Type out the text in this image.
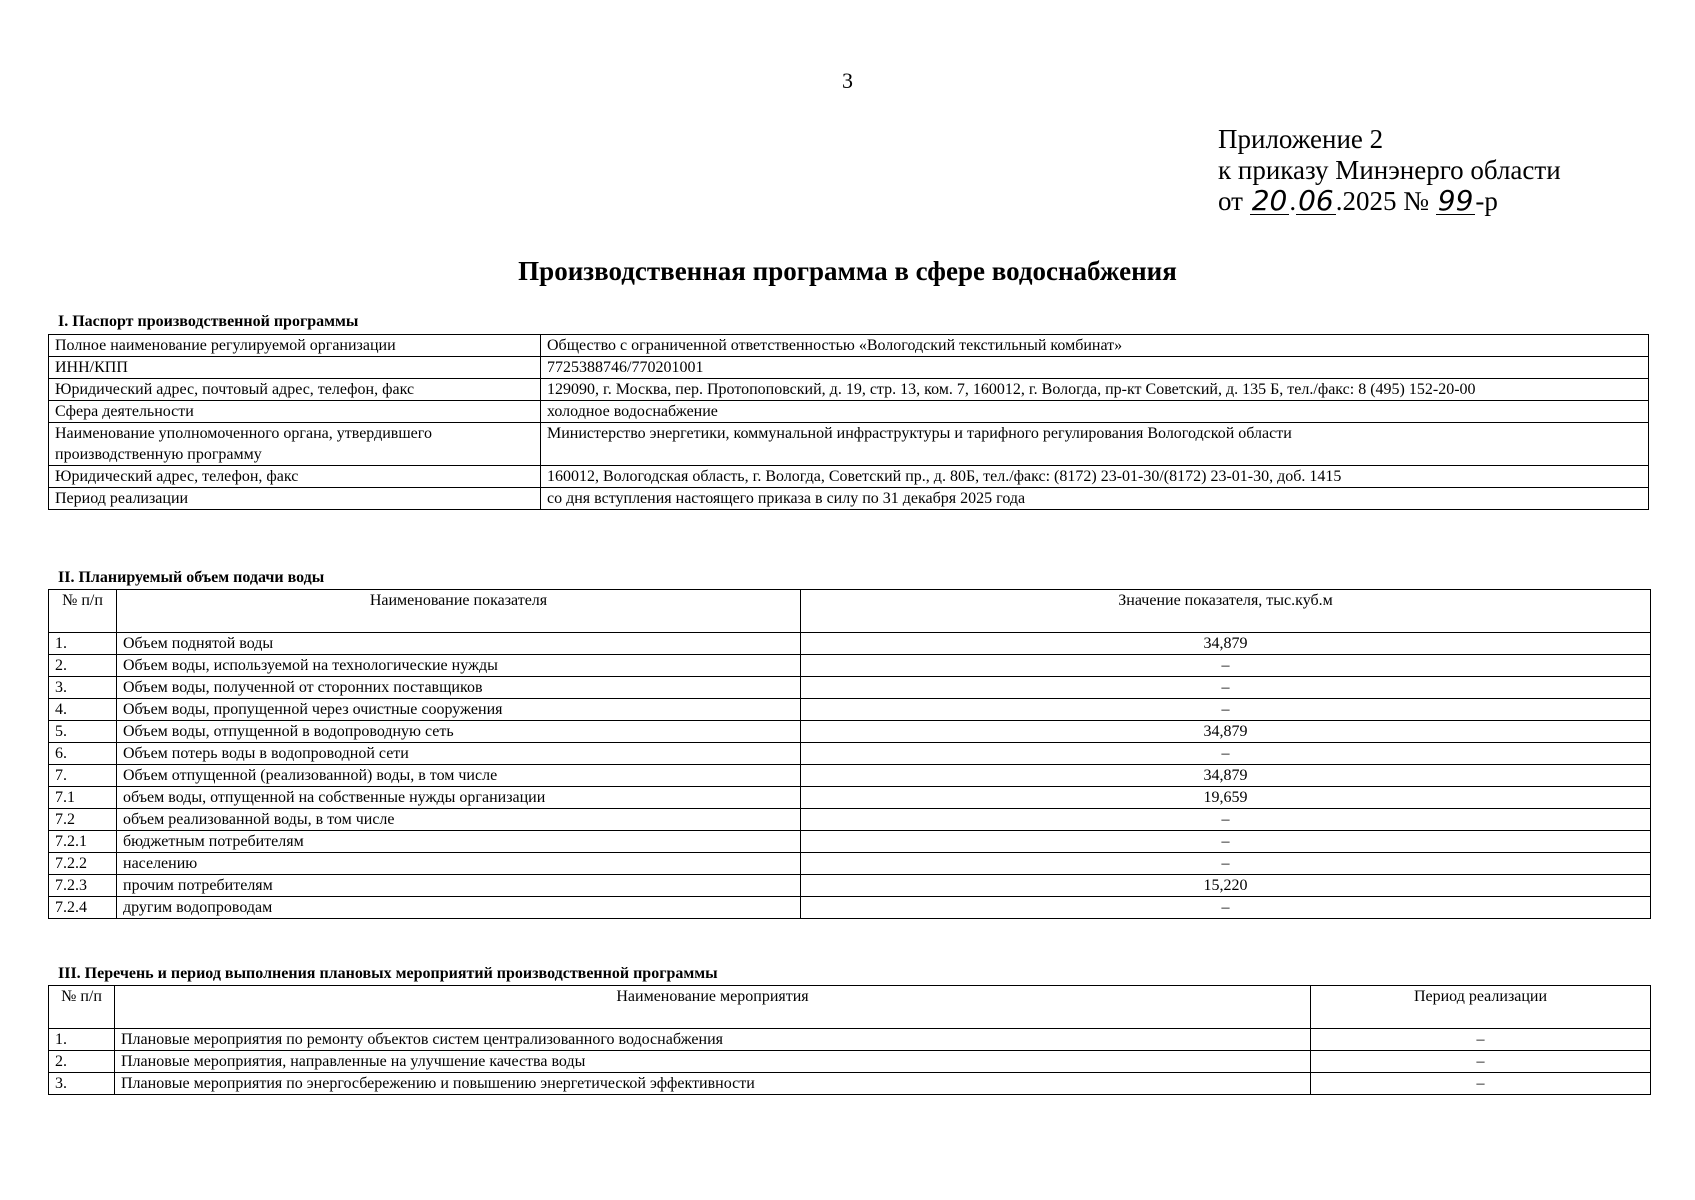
3
Приложение 2
к приказу Минэнерго области
от 20.06.2025 № 99-р
Производственная программа в сфере водоснабжения
I. Паспорт производственной программы
Полное наименование регулируемой организации	Общество с ограниченной ответственностью «Вологодский текстильный комбинат»
ИНН/КПП	7725388746/770201001
Юридический адрес, почтовый адрес, телефон, факс	129090, г. Москва, пер. Протопоповский, д. 19, стр. 13, ком. 7, 160012, г. Вологда, пр-кт Советский, д. 135 Б, тел./факс: 8 (495) 152-20-00
Сфера деятельности	холодное водоснабжение
Наименование уполномоченного органа, утвердившего производственную программу	Министерство энергетики, коммунальной инфраструктуры и тарифного регулирования Вологодской области
Юридический адрес, телефон, факс	160012, Вологодская область, г. Вологда, Советский пр., д. 80Б, тел./факс: (8172) 23-01-30/(8172) 23-01-30, доб. 1415
Период реализации	со дня вступления настоящего приказа в силу по 31 декабря 2025 года
II. Планируемый объем подачи воды
№ п/п	Наименование показателя	Значение показателя, тыс.куб.м
1.	Объем поднятой воды	34,879
2.	Объем воды, используемой на технологические нужды	–
3.	Объем воды, полученной от сторонних поставщиков	–
4.	Объем воды, пропущенной через очистные сооружения	–
5.	Объем воды, отпущенной в водопроводную сеть	34,879
6.	Объем потерь воды в водопроводной сети	–
7.	Объем отпущенной (реализованной) воды, в том числе	34,879
7.1	объем воды, отпущенной на собственные нужды организации	19,659
7.2	объем реализованной воды, в том числе	–
7.2.1	бюджетным потребителям	–
7.2.2	населению	–
7.2.3	прочим потребителям	15,220
7.2.4	другим водопроводам	–
III. Перечень и период выполнения плановых мероприятий производственной программы
№ п/п	Наименование мероприятия	Период реализации
1.	Плановые мероприятия по ремонту объектов систем централизованного водоснабжения	–
2.	Плановые мероприятия, направленные на улучшение качества воды	–
3.	Плановые мероприятия по энергосбережению и повышению энергетической эффективности	–
